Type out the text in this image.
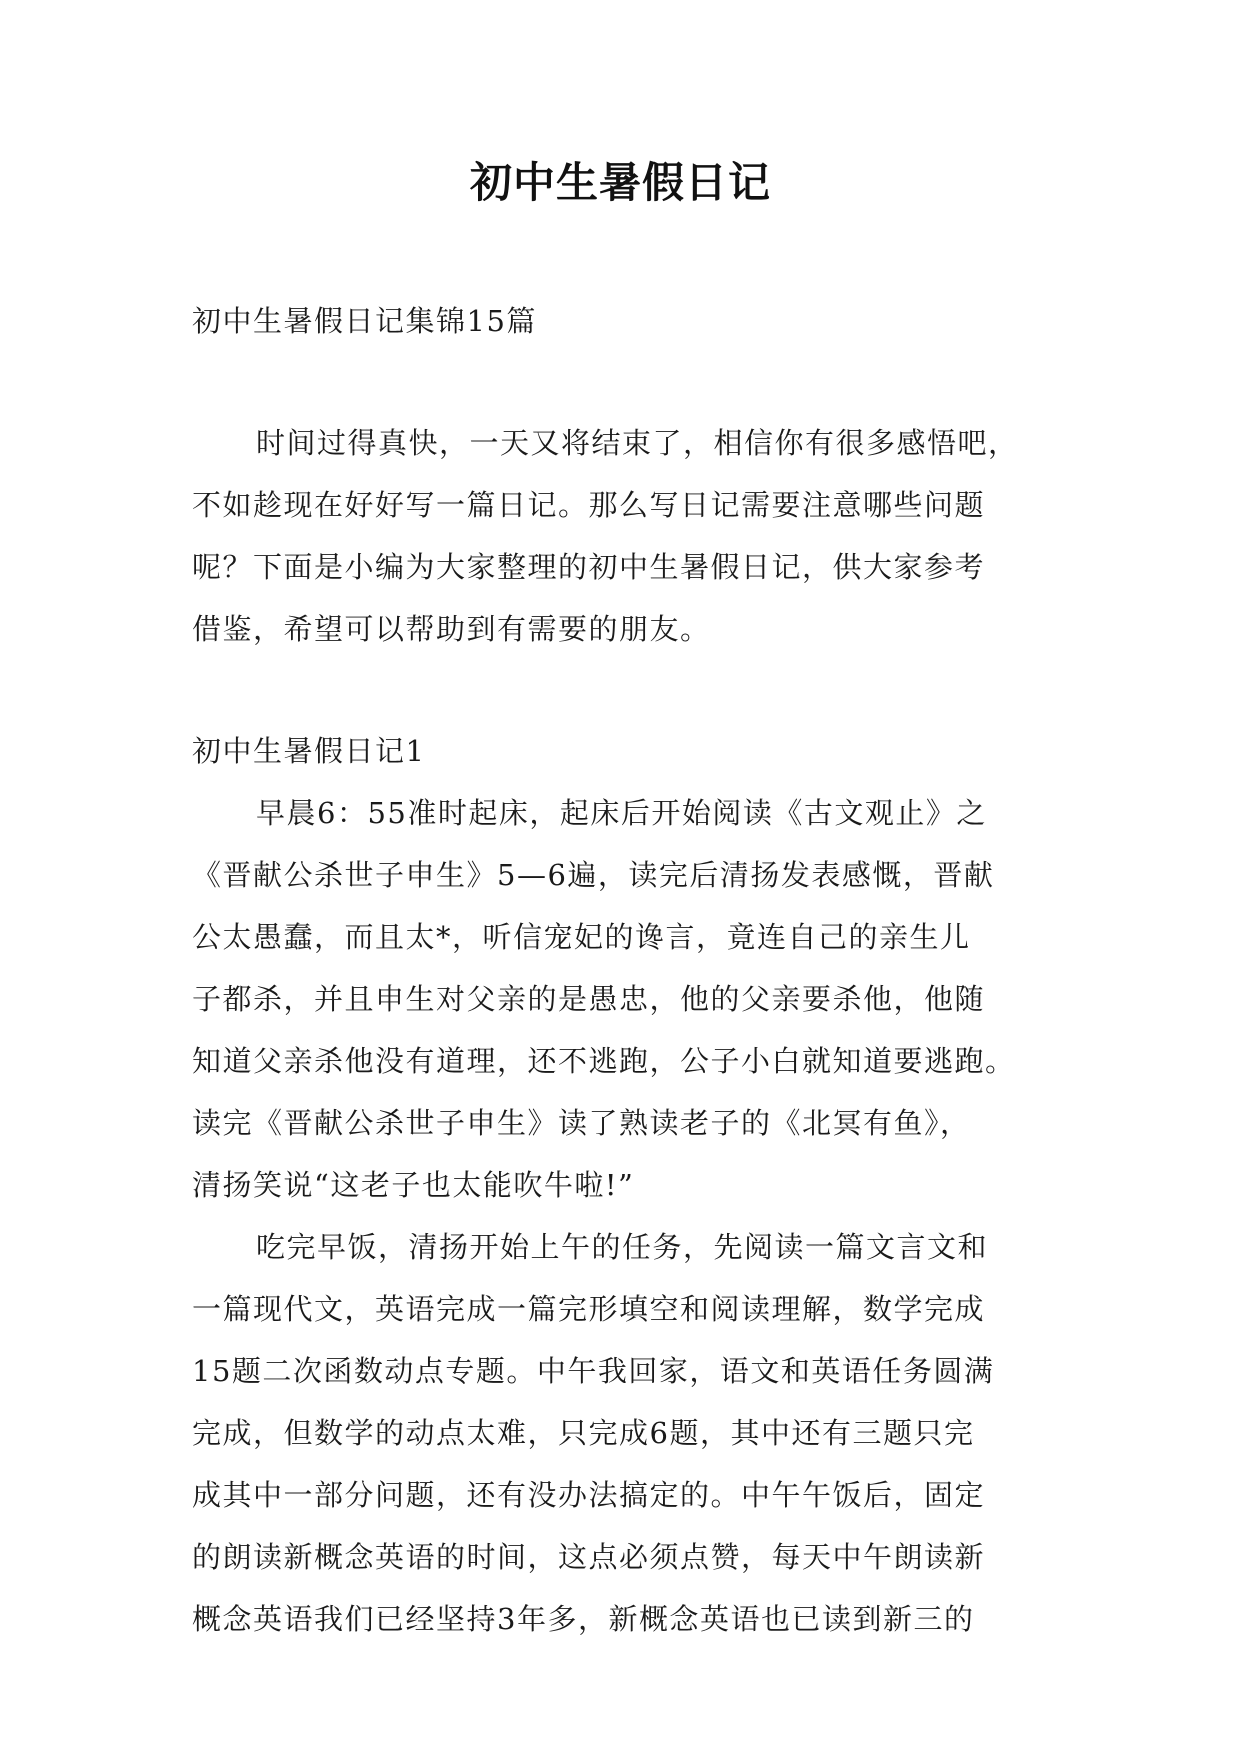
初中生暑假日记
初中生暑假日记集锦15篇
时间过得真快，一天又将结束了，相信你有很多感悟吧，
不如趁现在好好写一篇日记。那么写日记需要注意哪些问题
呢？下面是小编为大家整理的初中生暑假日记，供大家参考
借鉴，希望可以帮助到有需要的朋友。
初中生暑假日记1
早晨6：55准时起床，起床后开始阅读《古文观止》之
《晋献公杀世子申生》5—6遍，读完后清扬发表感慨，晋献
公太愚蠢，而且太*，听信宠妃的谗言，竟连自己的亲生儿
子都杀，并且申生对父亲的是愚忠，他的父亲要杀他，他随
知道父亲杀他没有道理，还不逃跑，公子小白就知道要逃跑。
读完《晋献公杀世子申生》读了熟读老子的《北冥有鱼》，
清扬笑说“这老子也太能吹牛啦!”
吃完早饭，清扬开始上午的任务，先阅读一篇文言文和
一篇现代文，英语完成一篇完形填空和阅读理解，数学完成
15题二次函数动点专题。中午我回家，语文和英语任务圆满
完成，但数学的动点太难，只完成6题，其中还有三题只完
成其中一部分问题，还有没办法搞定的。中午午饭后，固定
的朗读新概念英语的时间，这点必须点赞，每天中午朗读新
概念英语我们已经坚持3年多，新概念英语也已读到新三的
